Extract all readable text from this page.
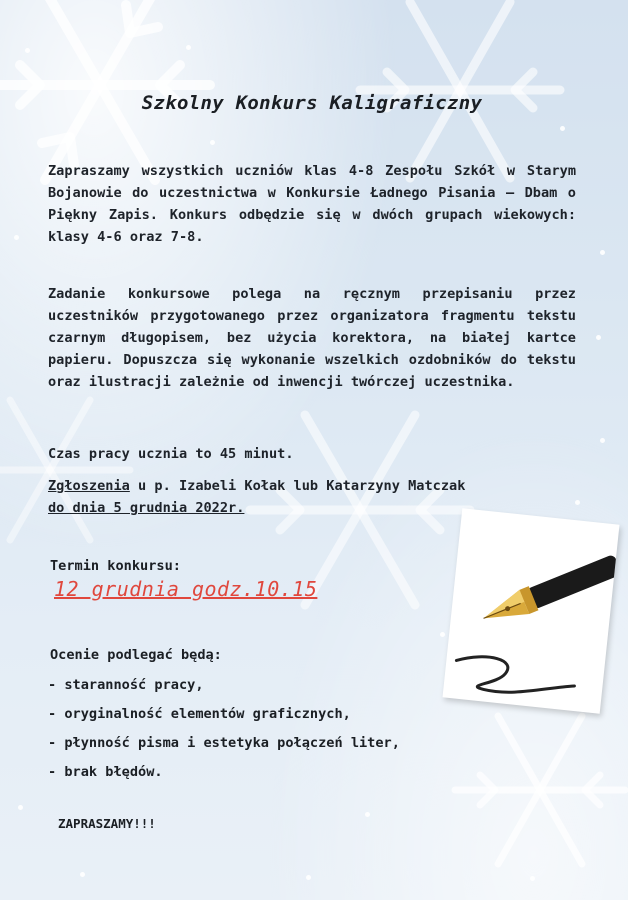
Szkolny Konkurs Kaligraficzny

Zapraszamy wszystkich uczniów klas 4-8 Zespołu Szkół w Starym Bojanowie do uczestnictwa w Konkursie Ładnego Pisania – Dbam o Piękny Zapis. Konkurs odbędzie się w dwóch grupach wiekowych: klasy 4-6 oraz 7-8.

Zadanie konkursowe polega na ręcznym przepisaniu przez uczestników przygotowanego przez organizatora fragmentu tekstu czarnym długopisem, bez użycia korektora, na białej kartce papieru. Dopuszcza się wykonanie wszelkich ozdobników do tekstu oraz ilustracji zależnie od inwencji twórczej uczestnika.

Czas pracy ucznia to 45 minut.

Zgłoszenia u p. Izabeli Kołak lub Katarzyny Matczak
do dnia 5 grudnia 2022r.

Termin konkursu:
12 grudnia godz.10.15
Ocenie podlegać będą:
- staranność pracy,
- oryginalność elementów graficznych,
- płynność pisma i estetyka połączeń liter,
- brak błędów.
ZAPRASZAMY!!!
